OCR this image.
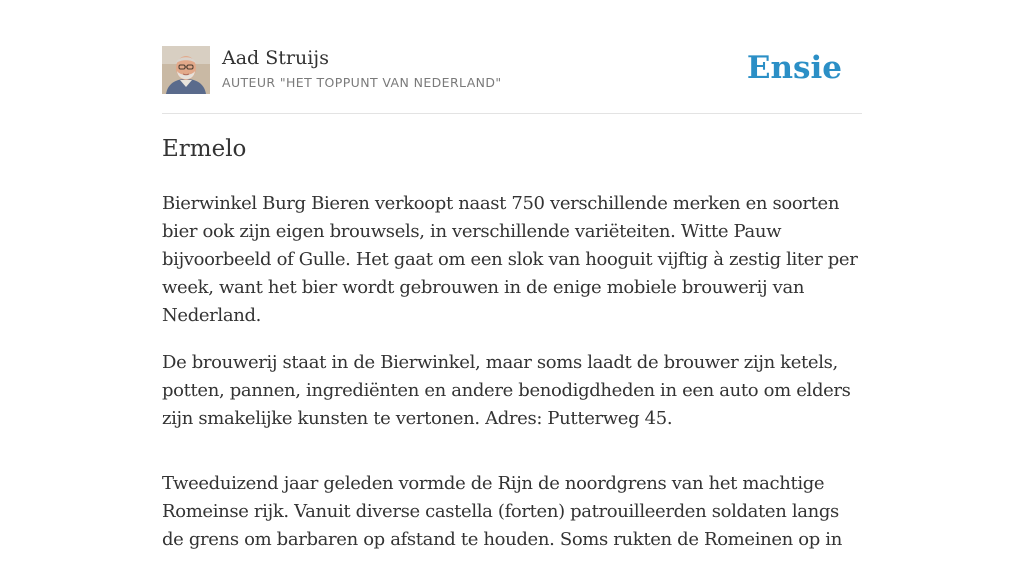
Aad Struijs
AUTEUR "HET TOPPUNT VAN NEDERLAND"	Ensie
Ermelo

Bierwinkel Burg Bieren verkoopt naast 750 verschillende merken en soorten bier ook zijn eigen brouwsels, in verschillende variëteiten. Witte Pauw bijvoorbeeld of Gulle. Het gaat om een slok van hooguit vijftig à zestig liter per week, want het bier wordt gebrouwen in de enige mobiele brouwerij van Nederland.

De brouwerij staat in de Bierwinkel, maar soms laadt de brouwer zijn ketels, potten, pannen, ingrediënten en andere benodigdheden in een auto om elders zijn smakelijke kunsten te vertonen. Adres: Putterweg 45.

Tweeduizend jaar geleden vormde de Rijn de noordgrens van het machtige Romeinse rijk. Vanuit diverse castella (forten) patrouilleerden soldaten langs de grens om barbaren op afstand te houden. Soms rukten de Romeinen op in
